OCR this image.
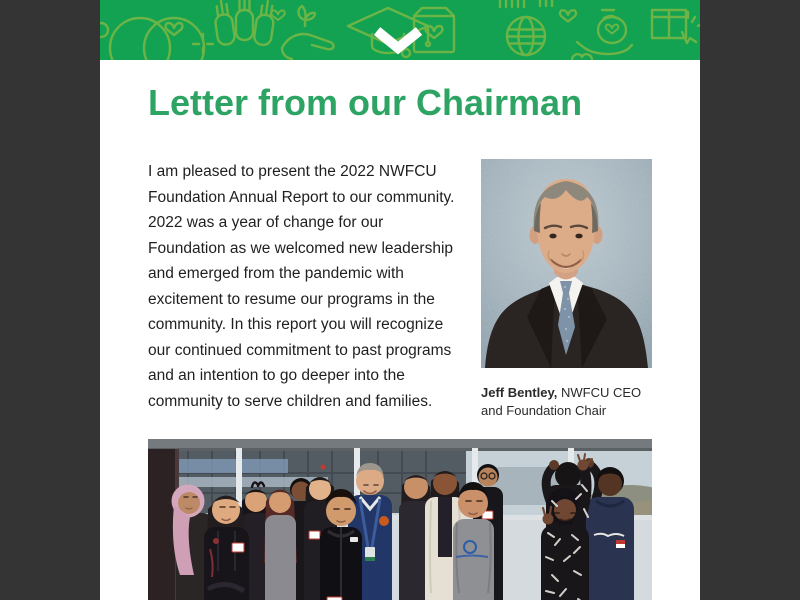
Letter from our Chairman

I am pleased to present the 2022 NWFCU Foundation Annual Report to our community. 2022 was a year of change for our Foundation as we welcomed new leadership and emerged from the pandemic with excitement to resume our programs in the community. In this report you will recognize our continued commitment to past programs and an intention to go deeper into the community to serve children and families.	Jeff Bentley, NWFCU CEO and Foundation Chair
